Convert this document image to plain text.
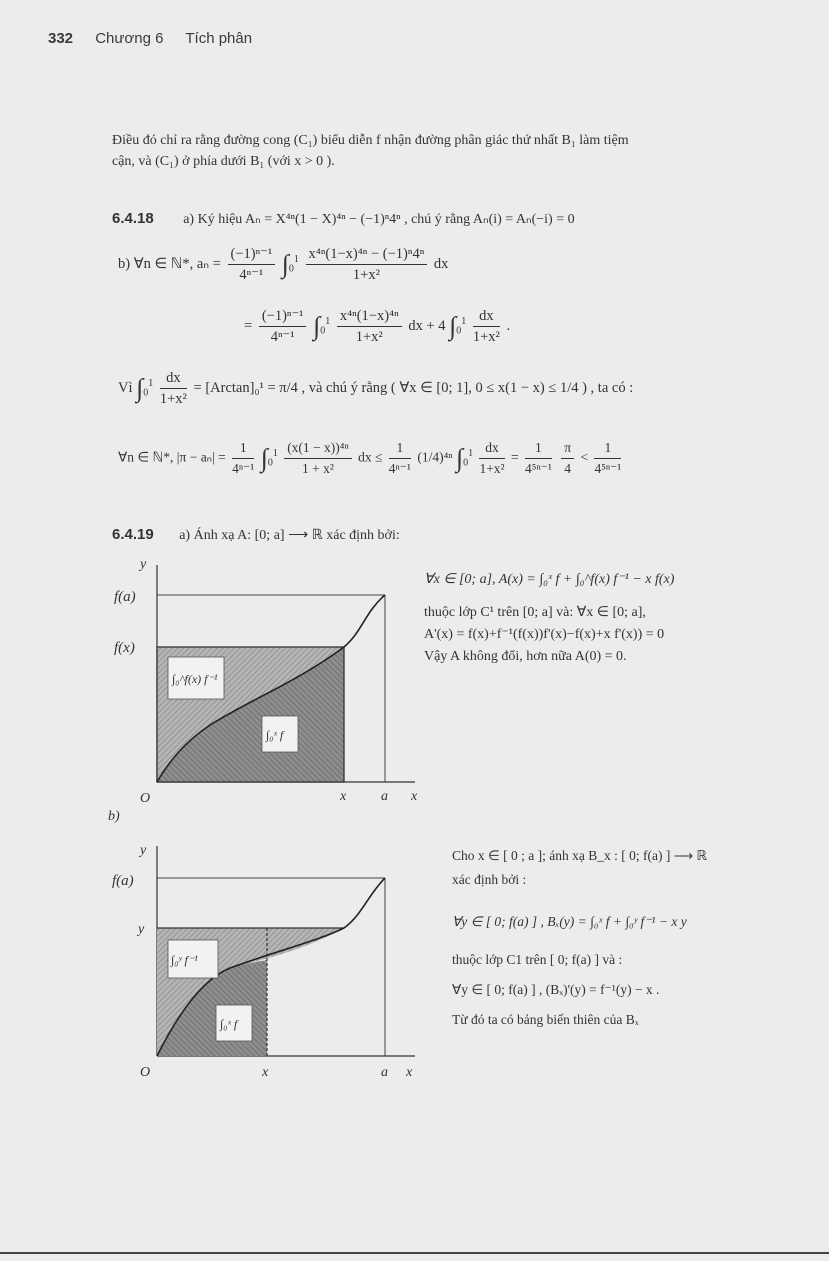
332 Chương 6 Tích phân
Điều đó chỉ ra rằng đường cong (C₁) biểu diễn f nhận đường phân giác thứ nhất B₁ làm tiệm
cận, và (C₁) ở phía dưới B₁ (với x > 0 ).
6.4.18 a) Ký hiệu Aₙ = X⁴ⁿ(1 − X)⁴ⁿ − (−1)ⁿ4ⁿ , chú ý rằng Aₙ(i) = Aₙ(−i) = 0
b) ∀n ∈ ℕ*, $a_n = \frac{\text{(−1)ⁿ⁻¹}}{\text{4ⁿ⁻¹}} \int_0^1 \frac{\text{x⁴ⁿ(1−x)⁴ⁿ − (−1)ⁿ4ⁿ}}{\text{1+x²}}$ dx
= $\frac{\text{(−1)ⁿ⁻¹}}{\text{4ⁿ⁻¹}} \int_0^1 \frac{\text{x⁴ⁿ(1−x)⁴ⁿ}}{\text{1+x²}}$ dx + 4 $\int_0^1 \frac{dx}{\text{1+x²}}$ .
Vì $\int_0^1 \frac{dx}{\text{1+x²}} = [Arctan]_0^1 = \pi/4$ , và chú ý rằng ( ∀x ∈ [0; 1], 0 ≤ x(1 − x) ≤ 1/4 ) , ta có :
∀n ∈ ℕ*, $|\pi - a_n| = \frac{1}{\text{4ⁿ⁻¹}} \int_0^1 \frac{\text{(x(1 − x))⁴ⁿ}}{\text{1 + x²}}$ dx ≤ $\frac{1}{\text{4ⁿ⁻¹}} (1/4)^{4n}$ $\int_0^1 \frac{dx}{\text{1+x²}} = \frac{1}{\text{4⁵ⁿ⁻¹}}$
$\frac{\pi}{4} < \frac{1}{\text{4⁵ⁿ⁻¹}}$
6.4.19 a) Ánh xạ A: [0; a] ⟶ ℝ xác định bởi:
y
f(a)
f(x)
O	x a x
∫₀^f(x) f⁻¹
∫₀ˣ f
∀x ∈ [0; a], A(x) = ∫₀ˣ f + ∫₀^f(x) f⁻¹ − x f(x)
thuộc lớp C¹ trên [0; a] và: ∀x ∈ [0; a],
A'(x) = f(x)+f⁻¹(f(x))f'(x)−f(x)+x f'(x)) = 0
Vậy A không đổi, hơn nữa A(0) = 0.
b)
y
f(a)
y
O	x	a x
∫₀ʸ f⁻¹
∫₀ˣ f
Cho x ∈ [ 0 ; a ]; ánh xạ B_x : [ 0; f(a) ] ⟶ ℝ
xác định bởi :
∀y ∈ [ 0; f(a) ] , Bₓ(y) = ∫₀ˣ f + ∫₀ʸ f⁻¹ − x y
thuộc lớp C1 trên [ 0; f(a) ] và :
∀y ∈ [ 0; f(a) ] , (Bₓ)'(y) = f⁻¹(y) − x .
Từ đó ta có bảng biến thiên của Bₓ
